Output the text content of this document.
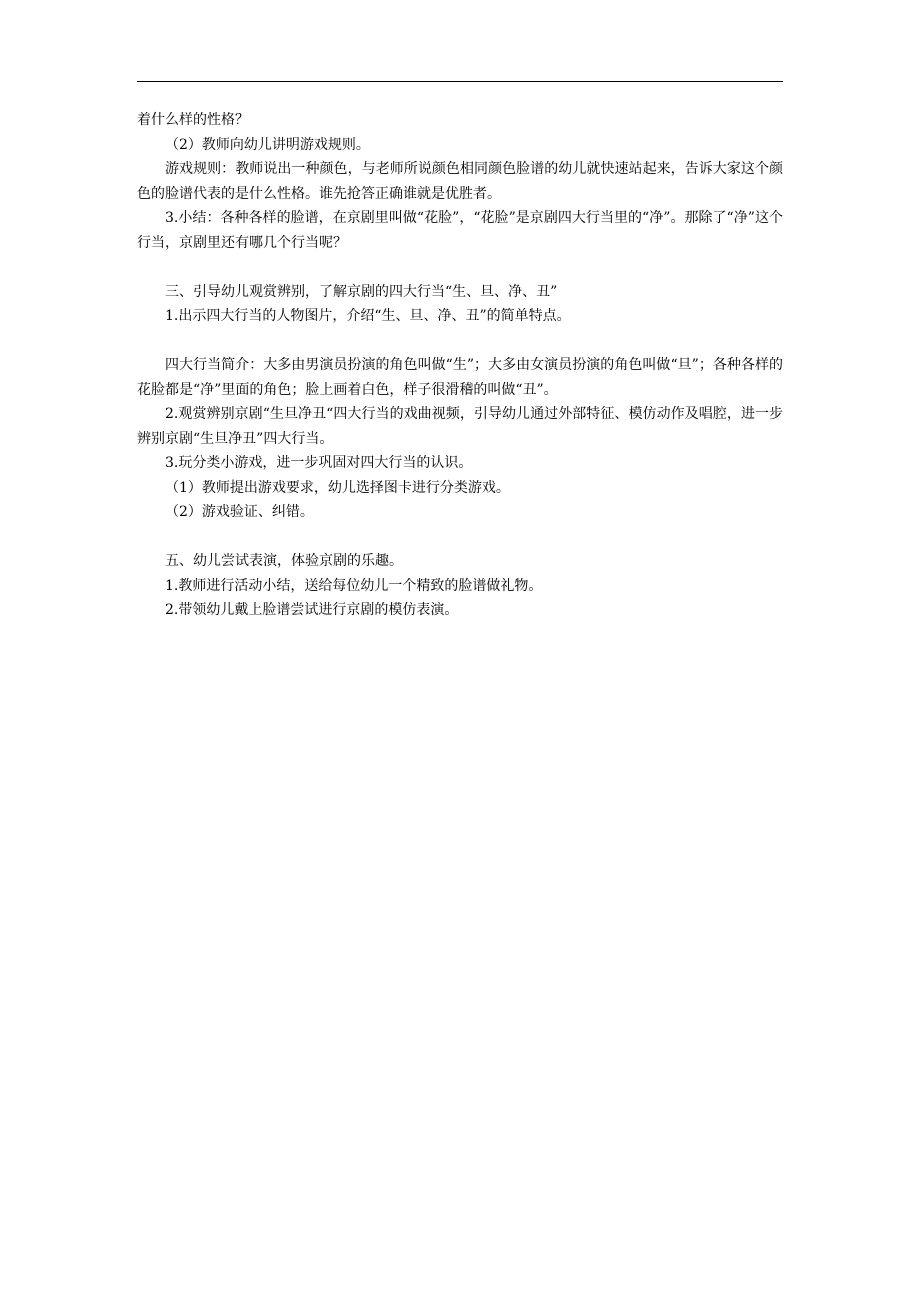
着什么样的性格？

（2）教师向幼儿讲明游戏规则。

游戏规则：教师说出一种颜色，与老师所说颜色相同颜色脸谱的幼儿就快速站起来，告诉大家这个颜色的脸谱代表的是什么性格。谁先抢答正确谁就是优胜者。

3.小结：各种各样的脸谱，在京剧里叫做“花脸”，“花脸”是京剧四大行当里的“净”。那除了“净”这个行当，京剧里还有哪几个行当呢？

三、引导幼儿观赏辨别，了解京剧的四大行当“生、旦、净、丑”

1.出示四大行当的人物图片，介绍“生、旦、净、丑”的简单特点。

四大行当简介：大多由男演员扮演的角色叫做“生”；大多由女演员扮演的角色叫做“旦”；各种各样的花脸都是“净”里面的角色；脸上画着白色，样子很滑稽的叫做“丑”。

2.观赏辨别京剧“生旦净丑“四大行当的戏曲视频，引导幼儿通过外部特征、模仿动作及唱腔，进一步辨别京剧“生旦净丑”四大行当。

3.玩分类小游戏，进一步巩固对四大行当的认识。

（1）教师提出游戏要求，幼儿选择图卡进行分类游戏。

（2）游戏验证、纠错。

五、幼儿尝试表演，体验京剧的乐趣。

1.教师进行活动小结，送给每位幼儿一个精致的脸谱做礼物。

2.带领幼儿戴上脸谱尝试进行京剧的模仿表演。
